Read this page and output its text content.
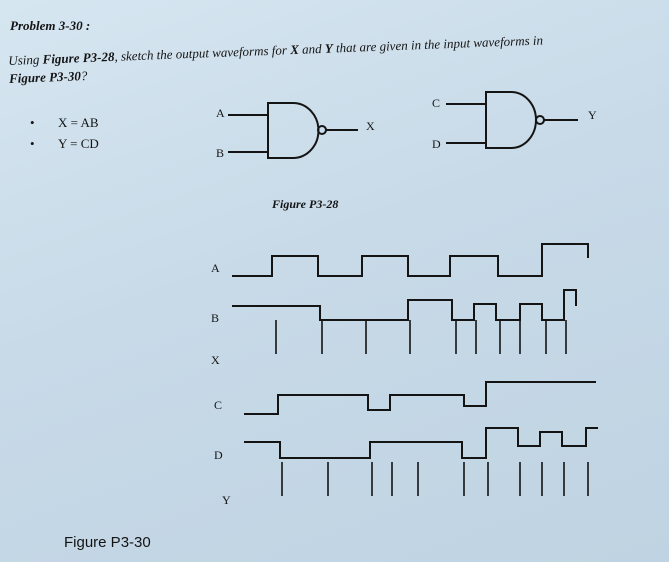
Problem 3-30 :
Using Figure P3-28, sketch the output waveforms for X and Y that are given in the input waveforms in Figure P3-30?
• X = AB
• Y = CD
A
B
X
C
D
Y
Figure P3-28
A
B
X
C
D
Y
Figure P3-30
